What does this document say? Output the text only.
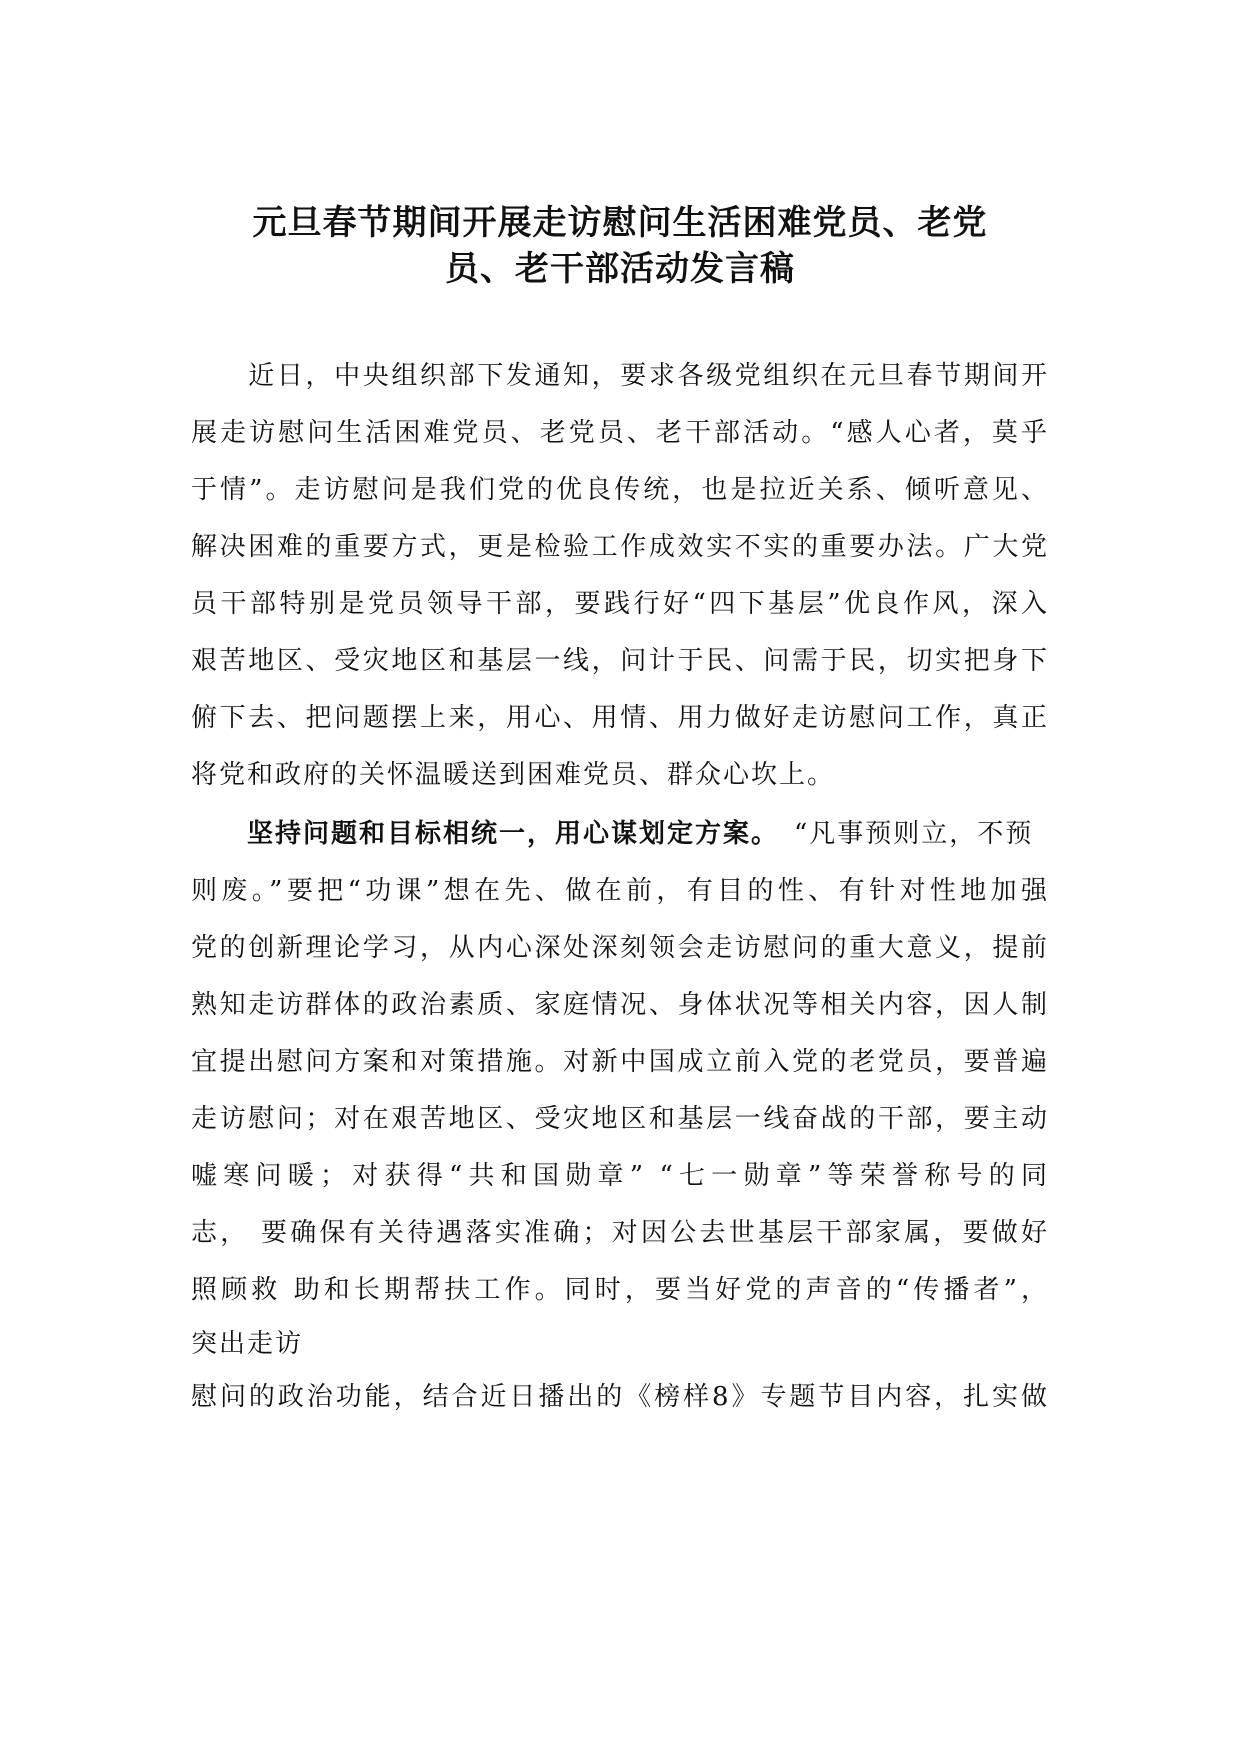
元旦春节期间开展走访慰问生活困难党员、老党
员、老干部活动发言稿
　　近日，中央组织部下发通知，要求各级党组织在元旦春节期间开
展走访慰问生活困难党员、老党员、老干部活动。“感人心者，莫乎
于情”。走访慰问是我们党的优良传统，也是拉近关系、倾听意见、
解决困难的重要方式，更是检验工作成效实不实的重要办法。广大党
员干部特别是党员领导干部，要践行好“四下基层”优良作风，深入
艰苦地区、受灾地区和基层一线，问计于民、问需于民，切实把身下
俯下去、把问题摆上来，用心、用情、用力做好走访慰问工作，真正
将党和政府的关怀温暖送到困难党员、群众心坎上。
　　坚持问题和目标相统一，用心谋划定方案。　“凡事预则立，不预
则废。”要把“功课”想在先、做在前，有目的性、有针对性地加强
党的创新理论学习，从内心深处深刻领会走访慰问的重大意义，提前
熟知走访群体的政治素质、家庭情况、身体状况等相关内容，因人制
宜提出慰问方案和对策措施。对新中国成立前入党的老党员，要普遍
走访慰问；对在艰苦地区、受灾地区和基层一线奋战的干部，要主动
嘘寒问暖；对获得“共和国勋章” “七一勋章”等荣誉称号的同
志， 要确保有关待遇落实准确；对因公去世基层干部家属，要做好
照顾救 助和长期帮扶工作。同时，要当好党的声音的“传播者”，
突出走访
慰问的政治功能，结合近日播出的《榜样8》专题节目内容，扎实做
